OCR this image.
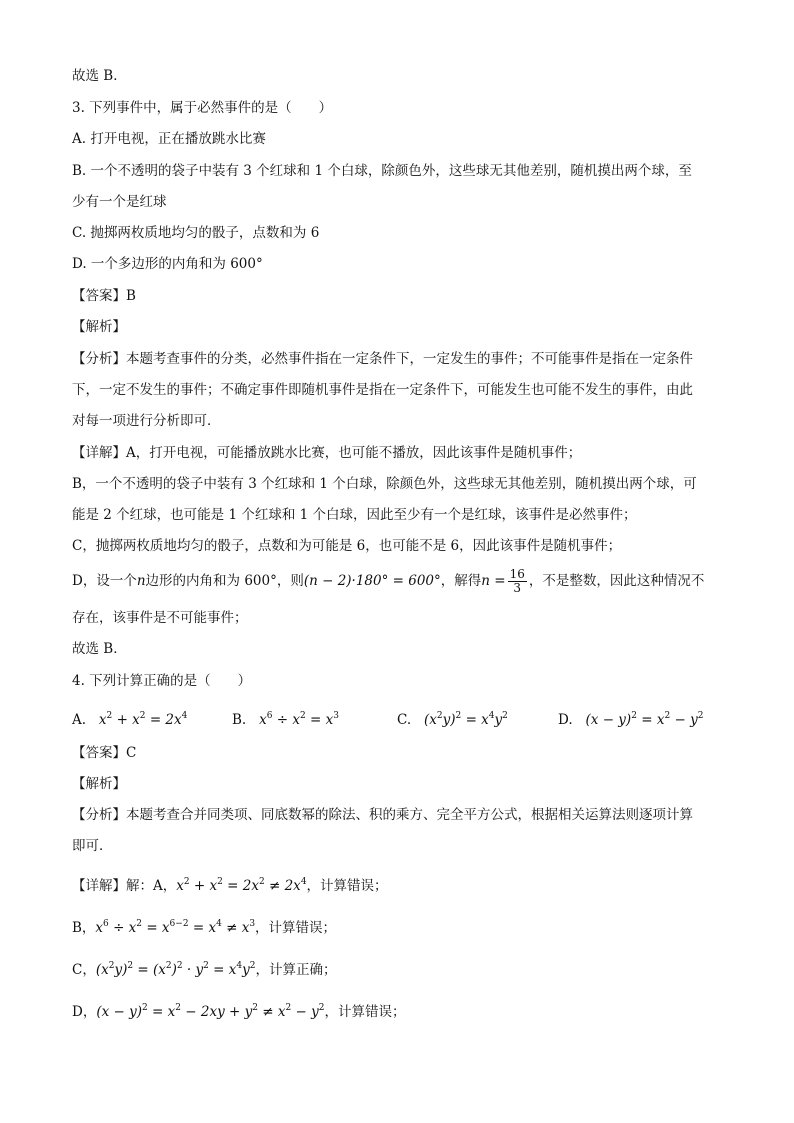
故选 B．
3. 下列事件中，属于必然事件的是（　　）
A. 打开电视，正在播放跳水比赛
B. 一个不透明的袋子中装有 3 个红球和 1 个白球，除颜色外，这些球无其他差别，随机摸出两个球，至
少有一个是红球
C. 抛掷两枚质地均匀的骰子，点数和为 6
D. 一个多边形的内角和为 600°
【答案】B
【解析】
【分析】本题考查事件的分类，必然事件指在一定条件下，一定发生的事件；不可能事件是指在一定条件
下，一定不发生的事件；不确定事件即随机事件是指在一定条件下，可能发生也可能不发生的事件，由此
对每一项进行分析即可．
【详解】A，打开电视，可能播放跳水比赛，也可能不播放，因此该事件是随机事件；
B，一个不透明的袋子中装有 3 个红球和 1 个白球，除颜色外，这些球无其他差别，随机摸出两个球，可
能是 2 个红球，也可能是 1 个红球和 1 个白球，因此至少有一个是红球，该事件是必然事件；
C，抛掷两枚质地均匀的骰子，点数和为可能是 6，也可能不是 6，因此该事件是随机事件；
D，设一个n边形的内角和为 600°，则(n − 2)·180° = 600°，解得$n = \frac{16}{3}$ ，不是整数，因此这种情况不
存在，该事件是不可能事件；
故选 B．
4. 下列计算正确的是（　　）
A.   $x^2 + x^2 = 2x^4$	B.   $x^6 \div x^2 = x^3$	C.   $(x^2y)^2 = x^4y^2$	D.   $(x - y)^2 = x^2 - y^2$
【答案】C
【解析】
【分析】本题考查合并同类项、同底数幂的除法、积的乘方、完全平方公式，根据相关运算法则逐项计算
即可．
【详解】解：A，$x^2 + x^2 = 2x^2 \ne 2x^4$，计算错误；
B，$x^6 \div x^2 = x^{6-2} = x^4 \ne x^3$，计算错误；
C，$(x^2y)^2 = (x^2)^2 \cdot y^2 = x^4y^2$，计算正确；
D，$(x - y)^2 = x^2 - 2xy + y^2 \ne x^2 - y^2$，计算错误；
